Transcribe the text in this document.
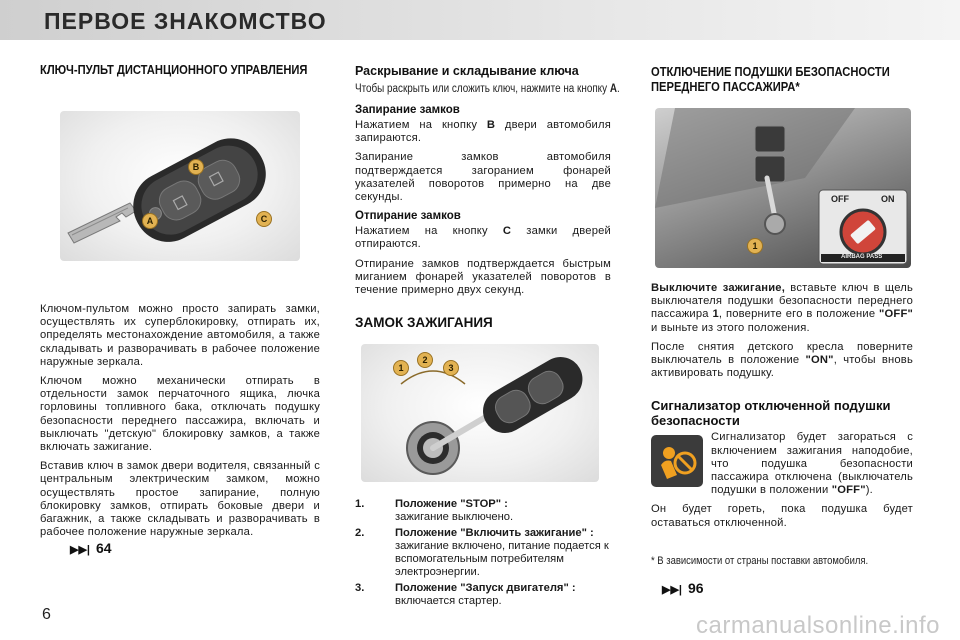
ПЕРВОЕ ЗНАКОМСТВО
КЛЮЧ-ПУЛЬТ ДИСТАНЦИОННОГО УПРАВЛЕНИЯ
A
B
C

Ключом-пультом можно просто запирать замки, осуществлять их суперблокировку, отпирать их, определять местонахождение автомобиля, а также складывать и разворачивать в рабочее положение наружные зеркала.

Ключом можно механически отпирать в отдельности замок перчаточного ящика, лючка горловины топливного бака, отключать подушку безопасности переднего пассажира, включать и выключать "детскую" блокировку замков, а также включать зажигание.

Вставив ключ в замок двери водителя, связанный с центральным электрическим замком, можно осуществлять простое запирание, полную блокировку замков, отпирать боковые двери и багажник, а также складывать и разворачивать в рабочее положение наружные зеркала.

▶▶| 64
Раскрывание и складывание ключа
Чтобы раскрыть или сложить ключ, нажмите на кнопку A.
Запирание замков

Нажатием на кнопку B двери автомобиля запираются.

Запирание замков автомобиля подтверждается загоранием фонарей указателей поворотов примерно на две секунды.

Отпирание замков

Нажатием на кнопку C замки дверей отпираются.

Отпирание замков подтверждается быстрым миганием фонарей указателей поворотов в течение примерно двух секунд.

ЗАМОК ЗАЖИГАНИЯ
1
2
3
1.	Положение "STOP" :
зажигание выключено.
2.	Положение "Включить зажигание" :
зажигание включено, питание подается к вспомогательным потребителям электроэнергии.
3.	Положение "Запуск двигателя" :
включается стартер.
ОТКЛЮЧЕНИЕ ПОДУШКИ БЕЗОПАСНОСТИ
ПЕРЕДНЕГО ПАССАЖИРА*
OFF	ON
AIRBAG PASS
1

Выключите зажигание, вставьте ключ в щель выключателя подушки безопасности переднего пассажира 1, поверните его в положение "OFF" и выньте из этого положения.

После снятия детского кресла поверните выключатель в положение "ON", чтобы вновь активировать подушку.

Сигнализатор отключенной подушки безопасности

Сигнализатор будет загораться с включением зажигания наподобие, что подушка безопасности пассажира отключена (выключатель подушки в положении "OFF").

Он будет гореть, пока подушка будет оставаться отключенной.

* В зависимости от страны поставки автомобиля.
▶▶| 96
6	carmanualsonline.info
